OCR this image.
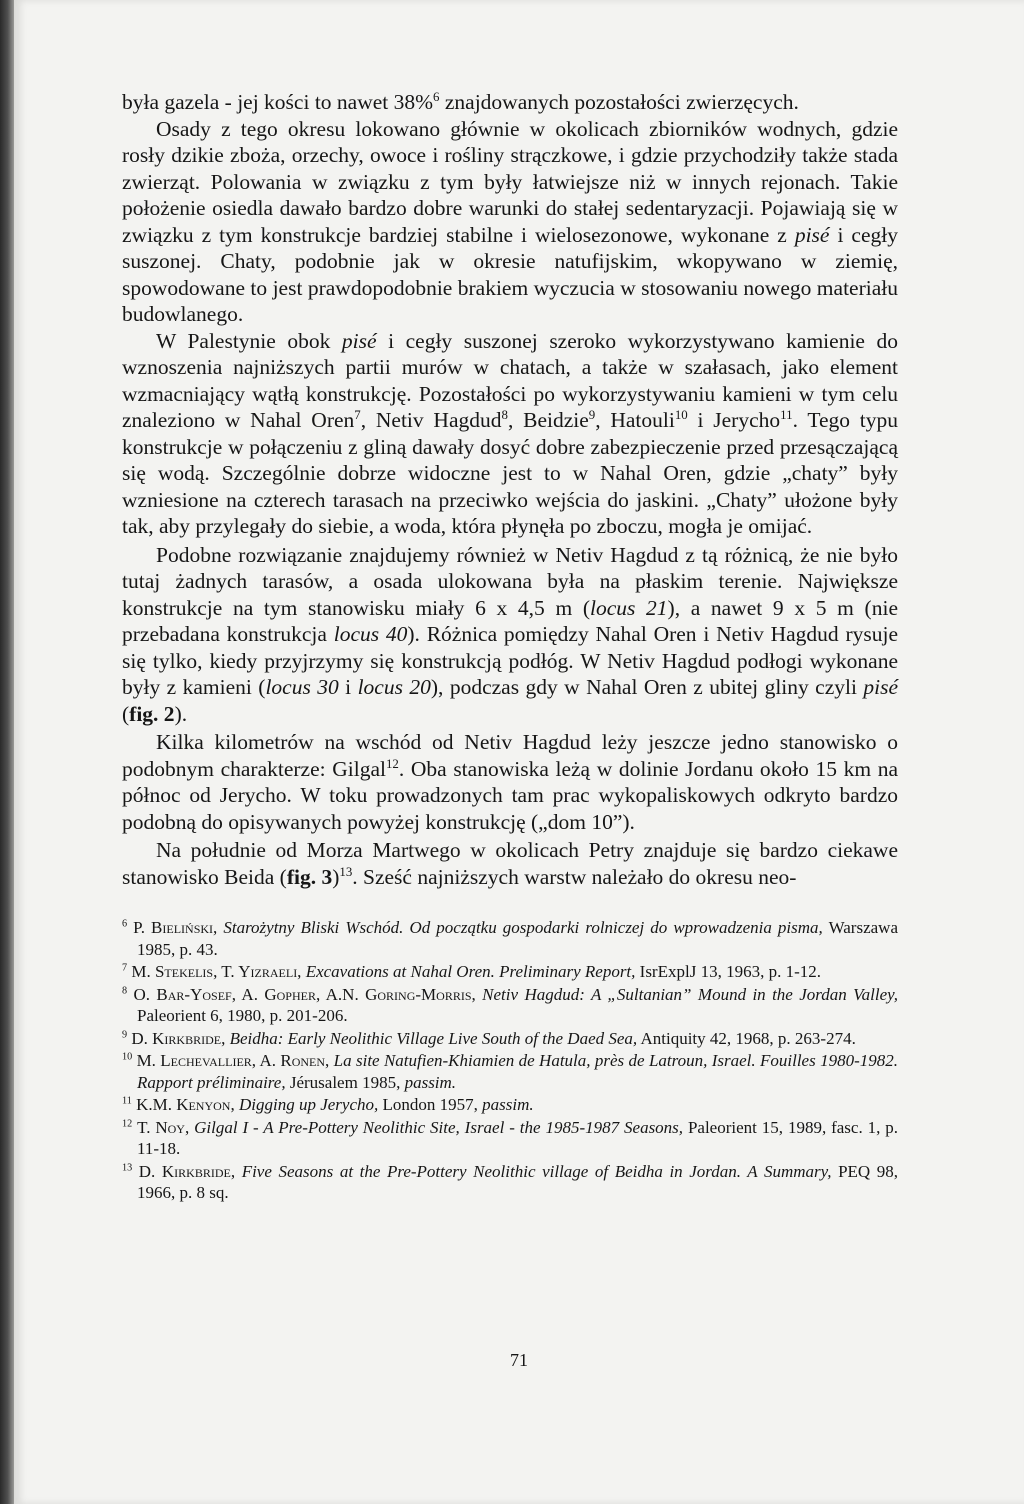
była gazela - jej kości to nawet 38%$^6$ znajdowanych pozostałości zwierzęcych.

Osady z tego okresu lokowano głównie w okolicach zbiorników wodnych, gdzie rosły dzikie zboża, orzechy, owoce i rośliny strączkowe, i gdzie przychodziły także stada zwierząt. Polowania w związku z tym były łatwiejsze niż w innych rejonach. Takie położenie osiedla dawało bardzo dobre warunki do stałej sedentaryzacji. Pojawiają się w związku z tym konstrukcje bardziej stabilne i wielosezonowe, wykonane z pisé i cegły suszonej. Chaty, podobnie jak w okresie natufijskim, wkopywano w ziemię, spowodowane to jest prawdopodobnie brakiem wyczucia w stosowaniu nowego materiału budowlanego.

W Palestynie obok pisé i cegły suszonej szeroko wykorzystywano kamienie do wznoszenia najniższych partii murów w chatach, a także w szałasach, jako element wzmacniający wątłą konstrukcję. Pozostałości po wykorzystywaniu kamieni w tym celu znaleziono w Nahal Oren$^7$, Netiv Hagdud$^8$, Beidzie$^9$, Hatouli$^{10}$ i Jerycho$^{11}$. Tego typu konstrukcje w połączeniu z gliną dawały dosyć dobre zabezpieczenie przed przesączającą się wodą. Szczególnie dobrze widoczne jest to w Nahal Oren, gdzie „chaty” były wzniesione na czterech tarasach na przeciwko wejścia do jaskini. „Chaty” ułożone były tak, aby przylegały do siebie, a woda, która płynęła po zboczu, mogła je omijać.

Podobne rozwiązanie znajdujemy również w Netiv Hagdud z tą różnicą, że nie było tutaj żadnych tarasów, a osada ulokowana była na płaskim terenie. Największe konstrukcje na tym stanowisku miały 6 x 4,5 m (locus 21), a nawet 9 x 5 m (nie przebadana konstrukcja locus 40). Różnica pomiędzy Nahal Oren i Netiv Hagdud rysuje się tylko, kiedy przyjrzymy się konstrukcją podłóg. W Netiv Hagdud podłogi wykonane były z kamieni (locus 30 i locus 20), podczas gdy w Nahal Oren z ubitej gliny czyli pisé (fig. 2).

Kilka kilometrów na wschód od Netiv Hagdud leży jeszcze jedno stanowisko o podobnym charakterze: Gilgal$^{12}$. Oba stanowiska leżą w dolinie Jordanu około 15 km na północ od Jerycho. W toku prowadzonych tam prac wykopaliskowych odkryto bardzo podobną do opisywanych powyżej konstrukcję („dom 10”).

Na południe od Morza Martwego w okolicach Petry znajduje się bardzo ciekawe stanowisko Beida (fig. 3)$^{13}$. Sześć najniższych warstw należało do okresu neo-

$^6$ P. Bieliński, Starożytny Bliski Wschód. Od początku gospodarki rolniczej do wprowadzenia pisma, Warszawa 1985, p. 43.

$^7$ M. Stekelis, T. Yizraeli, Excavations at Nahal Oren. Preliminary Report, IsrExplJ 13, 1963, p. 1-12.

$^8$ O. Bar-Yosef, A. Gopher, A.N. Goring-Morris, Netiv Hagdud: A „Sultanian” Mound in the Jordan Valley, Paleorient 6, 1980, p. 201-206.

$^9$ D. Kirkbride, Beidha: Early Neolithic Village Live South of the Daed Sea, Antiquity 42, 1968, p. 263-274.

$^{10}$ M. Lechevallier, A. Ronen, La site Natufien-Khiamien de Hatula, près de Latroun, Israel. Fouilles 1980-1982. Rapport préliminaire, Jérusalem 1985, passim.

$^{11}$ K.M. Kenyon, Digging up Jerycho, London 1957, passim.

$^{12}$ T. Noy, Gilgal I - A Pre-Pottery Neolithic Site, Israel - the 1985-1987 Seasons, Paleorient 15, 1989, fasc. 1, p. 11-18.

$^{13}$ D. Kirkbride, Five Seasons at the Pre-Pottery Neolithic village of Beidha in Jordan. A Summary, PEQ 98, 1966, p. 8 sq.

71
